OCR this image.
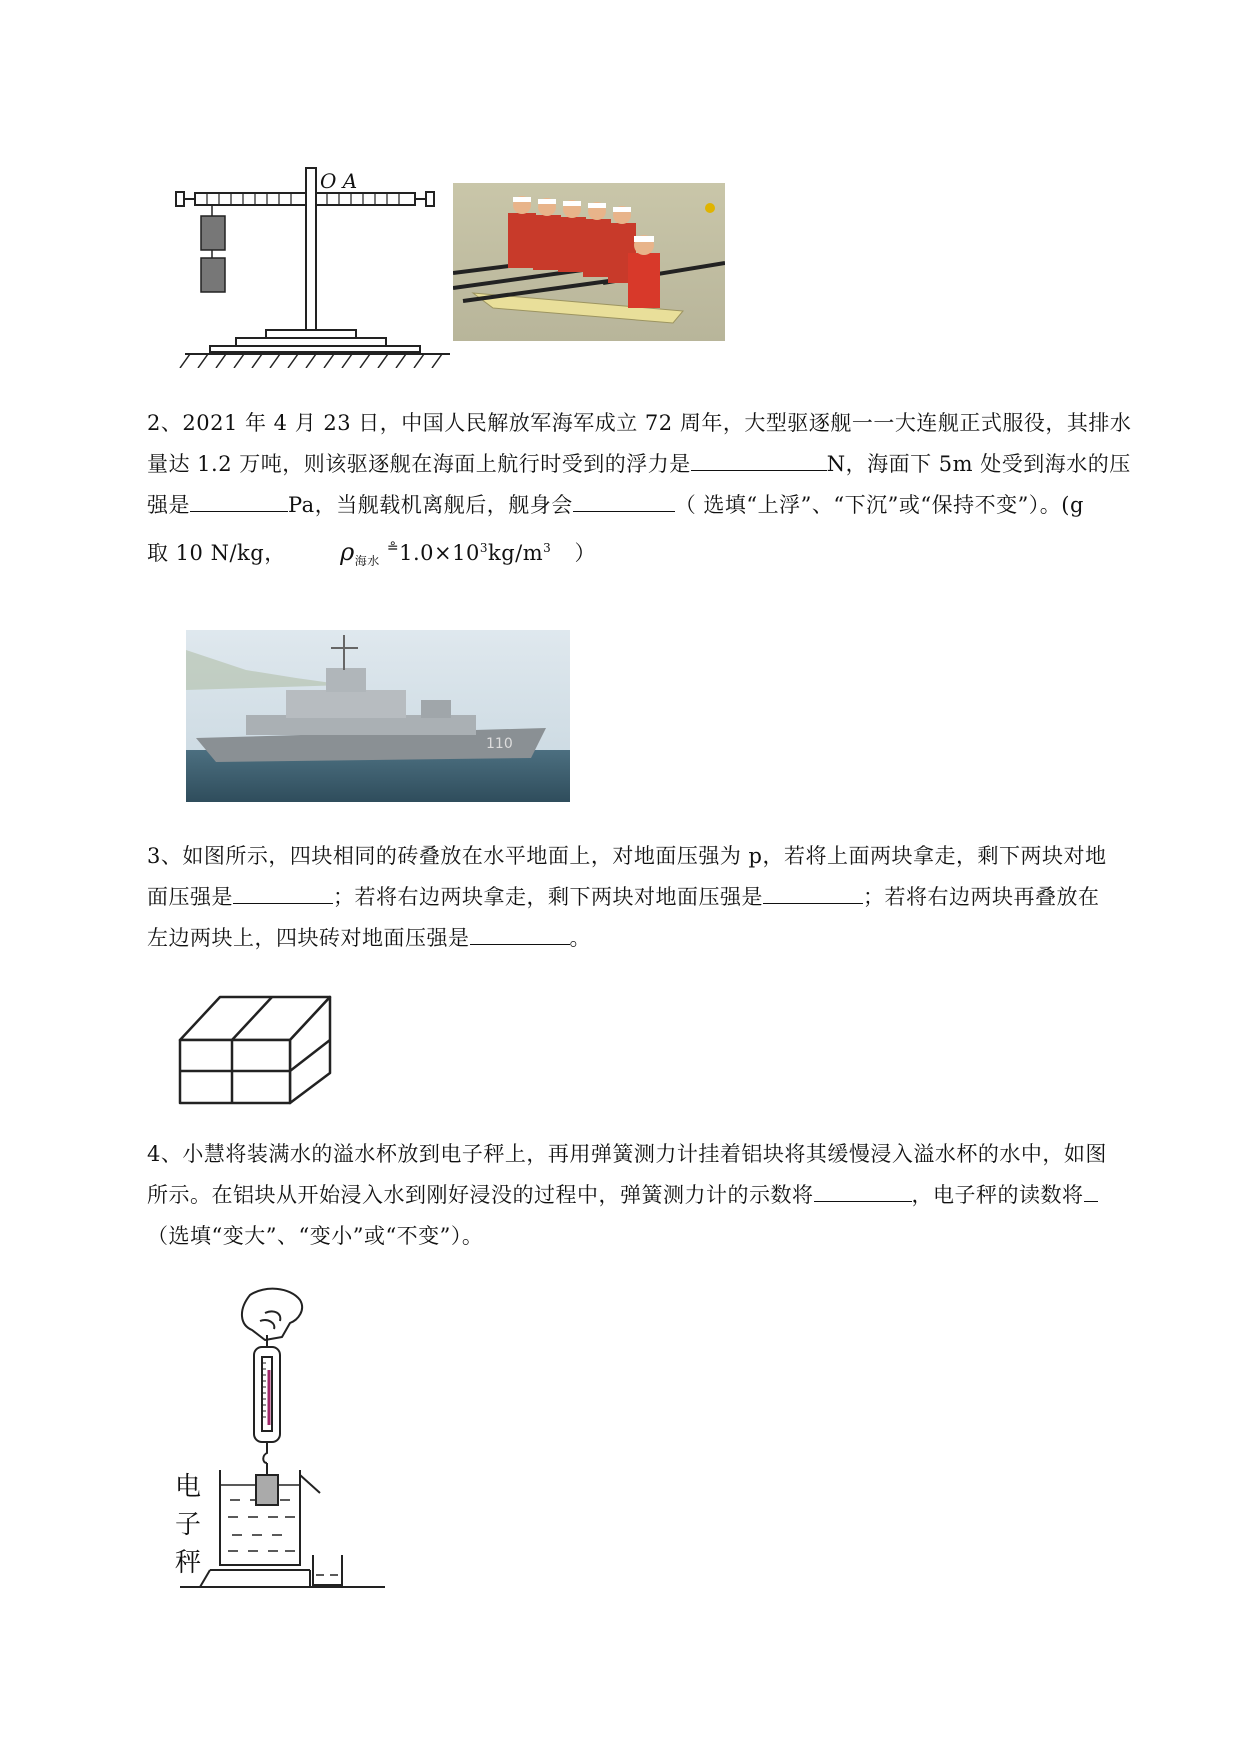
O A
2、2021 年 4 月 23 日，中国人民解放军海军成立 72 周年，大型驱逐舰一一大连舰正式服役，其排水
量达 1.2 万吨，则该驱逐舰在海面上航行时受到的浮力是	N，海面下 5m 处受到海水的压
强是	Pa，当舰载机离舰后，舰身会	（ 选填“上浮”、“下沉”或“保持不变”）。(g
取 10 N/kg， $\rho_{海水}$ $^≗1.0\times 10^3kg/m^3$ ）
110
3、如图所示，四块相同的砖叠放在水平地面上，对地面压强为 p，若将上面两块拿走，剩下两块对地
面压强是	；若将右边两块拿走，剩下两块对地面压强是	；若将右边两块再叠放在
左边两块上，四块砖对地面压强是	。
4、小慧将装满水的溢水杯放到电子秤上，再用弹簧测力计挂着铝块将其缓慢浸入溢水杯的水中，如图
所示。在铝块从开始浸入水到刚好浸没的过程中，弹簧测力计的示数将	，电子秤的读数将
（选填“变大”、“变小”或“不变”）。
电
子
秤
